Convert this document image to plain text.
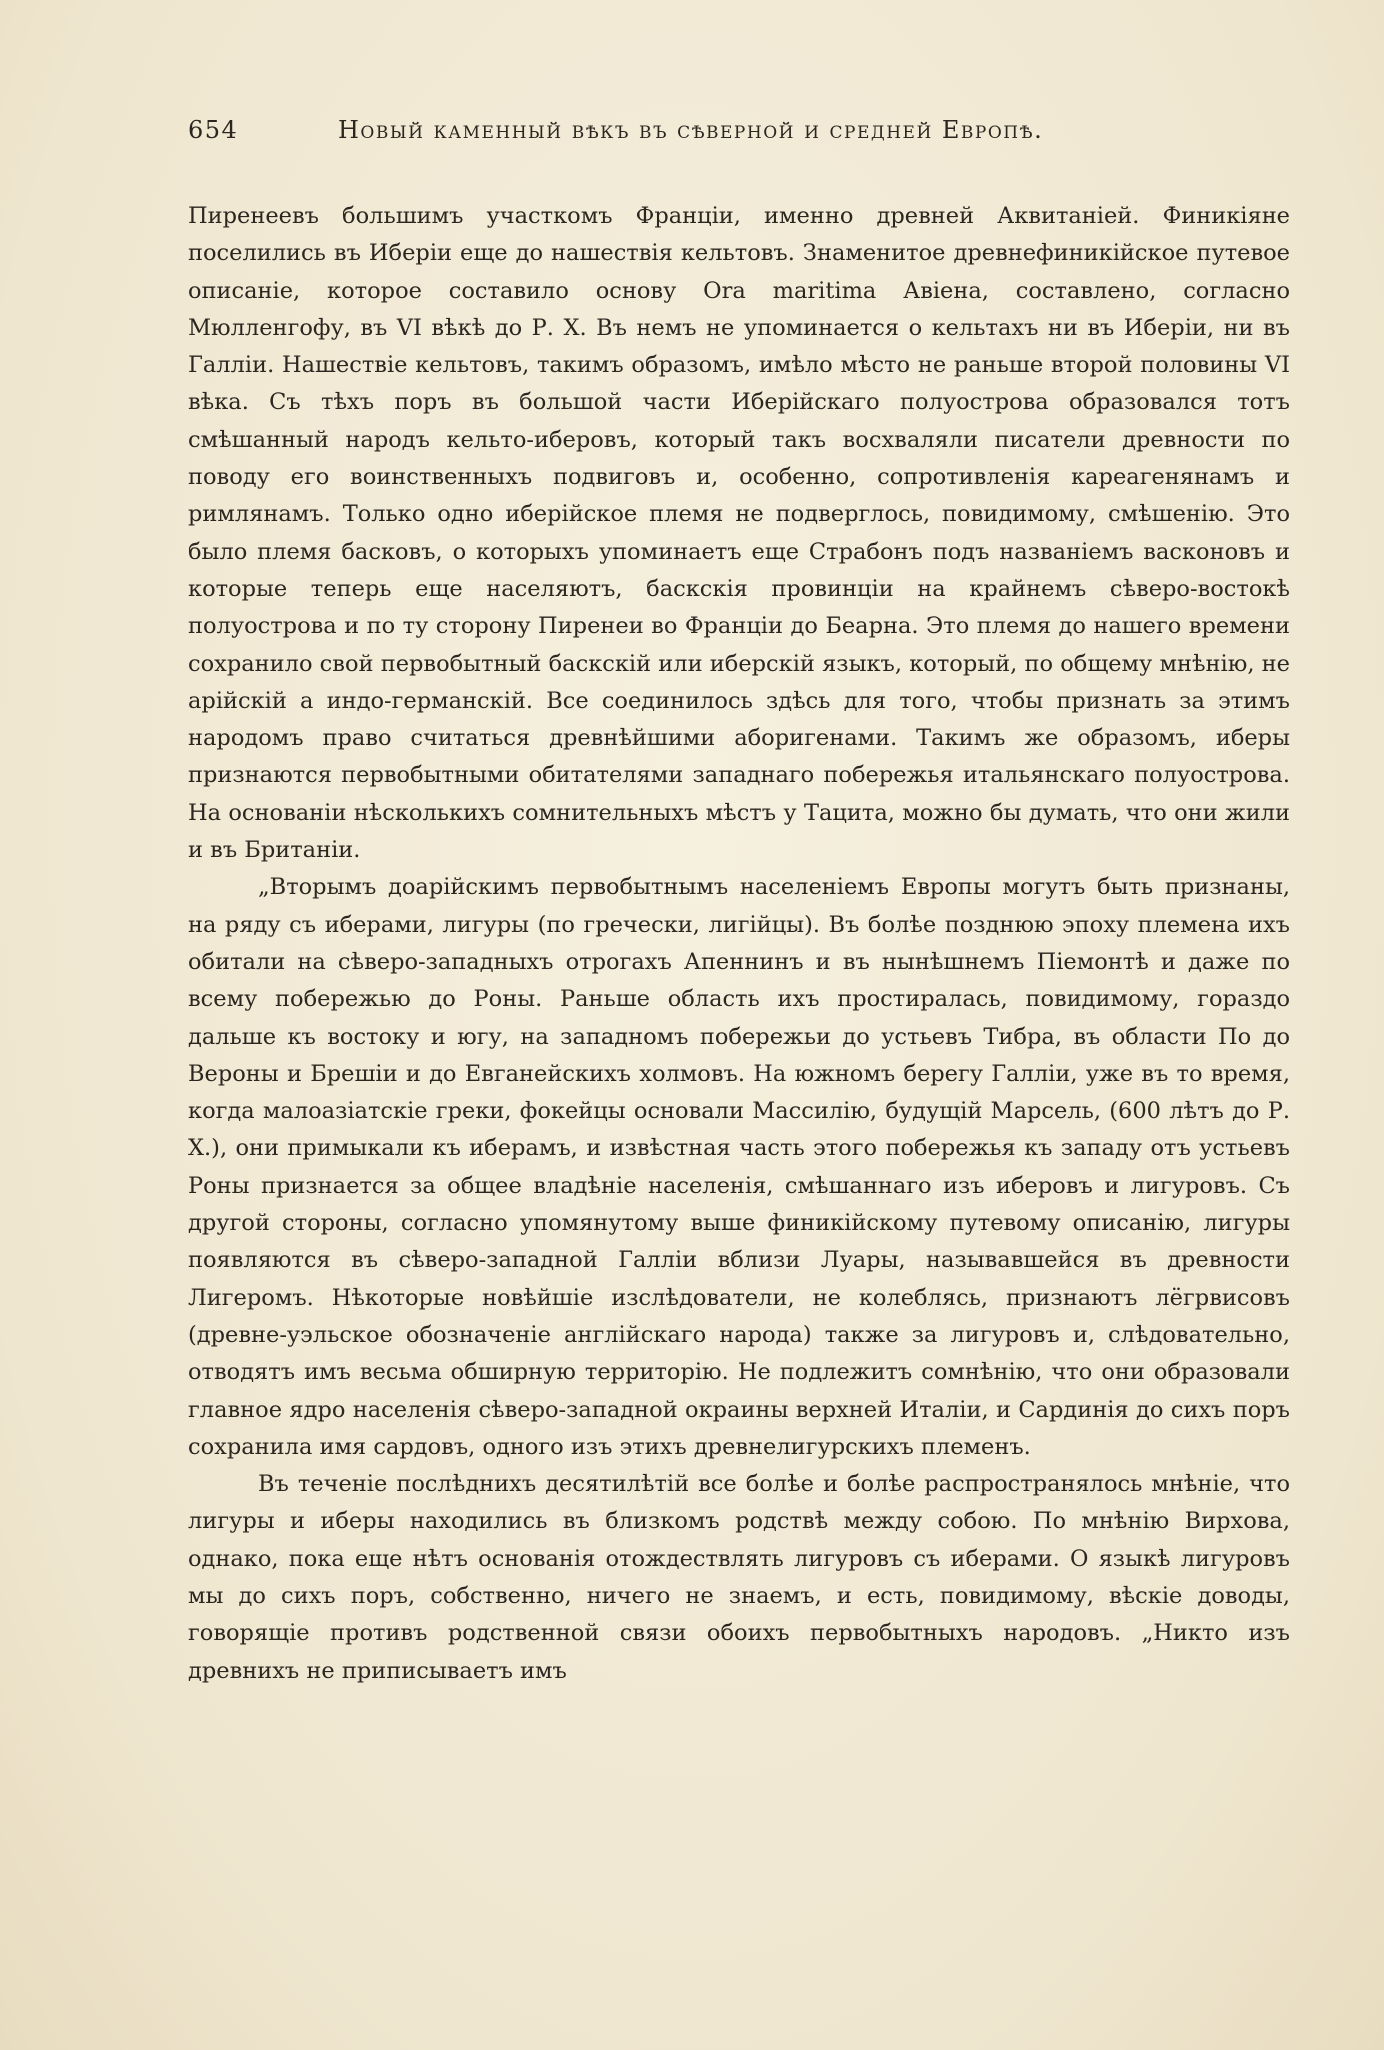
654	Новый каменный вѣкъ въ сѣверной и средней Европѣ.

Пиренеевъ большимъ участкомъ Франціи, именно древней Аквитаніей. Финикіяне поселились въ Иберіи еще до нашествія кельтовъ. Знаменитое древнефиникійское путевое описаніе, которое составило основу Ora maritima Авіена, составлено, согласно Мюлленгофу, въ VI вѣкѣ до Р. Х. Въ немъ не упоминается о кельтахъ ни въ Иберіи, ни въ Галліи. Нашествіе кельтовъ, такимъ образомъ, имѣло мѣсто не раньше второй половины VI вѣка. Съ тѣхъ поръ въ большой части Иберійскаго полуострова образовался тотъ смѣшанный народъ кельто-иберовъ, который такъ восхваляли писатели древности по поводу его воинственныхъ подвиговъ и, особенно, сопротивленія кареагенянамъ и римлянамъ. Только одно иберійское племя не подверглось, повидимому, смѣшенію. Это было племя басковъ, о которыхъ упоминаетъ еще Страбонъ подъ названіемъ васконовъ и которые теперь еще населяютъ, баскскія провинціи на крайнемъ сѣверо-востокѣ полуострова и по ту сторону Пиренеи во Франціи до Беарна. Это племя до нашего времени сохранило свой первобытный баскскій или иберскій языкъ, который, по общему мнѣнію, не арійскій а индо-германскій. Все соединилось здѣсь для того, чтобы признать за этимъ народомъ право считаться древнѣйшими аборигенами. Такимъ же образомъ, иберы признаются первобытными обитателями западнаго побережья итальянскаго полуострова. На основаніи нѣсколькихъ сомнительныхъ мѣстъ у Тацита, можно бы думать, что они жили и въ Британіи.

„Вторымъ доарійскимъ первобытнымъ населеніемъ Европы могутъ быть признаны, на ряду съ иберами, лигуры (по гречески, лигійцы). Въ болѣе позднюю эпоху племена ихъ обитали на сѣверо-западныхъ отрогахъ Апеннинъ и въ нынѣшнемъ Піемонтѣ и даже по всему побережью до Роны. Раньше область ихъ простиралась, повидимому, гораздо дальше къ востоку и югу, на западномъ побережьи до устьевъ Тибра, въ области По до Вероны и Брешіи и до Евганейскихъ холмовъ. На южномъ берегу Галліи, уже въ то время, когда малоазіатскіе греки, фокейцы основали Массилію, будущій Марсель, (600 лѣтъ до Р. Х.), они примыкали къ иберамъ, и извѣстная часть этого побережья къ западу отъ устьевъ Роны признается за общее владѣніе населенія, смѣшаннаго изъ иберовъ и лигуровъ. Съ другой стороны, согласно упомянутому выше финикійскому путевому описанію, лигуры появляются въ сѣверо-западной Галліи вблизи Луары, называвшейся въ древности Лигеромъ. Нѣкоторые новѣйшіе изслѣдователи, не колеблясь, признаютъ лёгрвисовъ (древне-уэльское обозначеніе англійскаго народа) также за лигуровъ и, слѣдовательно, отводятъ имъ весьма обширную территорію. Не подлежитъ сомнѣнію, что они образовали главное ядро населенія сѣверо-западной окраины верхней Италіи, и Сардинія до сихъ поръ сохранила имя сардовъ, одного изъ этихъ древнелигурскихъ племенъ.

Въ теченіе послѣднихъ десятилѣтій все болѣе и болѣе распространялось мнѣніе, что лигуры и иберы находились въ близкомъ родствѣ между собою. По мнѣнію Вирхова, однако, пока еще нѣтъ основанія отождествлять лигуровъ съ иберами. О языкѣ лигуровъ мы до сихъ поръ, собственно, ничего не знаемъ, и есть, повидимому, вѣскіе доводы, говорящіе противъ родственной связи обоихъ первобытныхъ народовъ. „Никто изъ древнихъ не приписываетъ имъ
